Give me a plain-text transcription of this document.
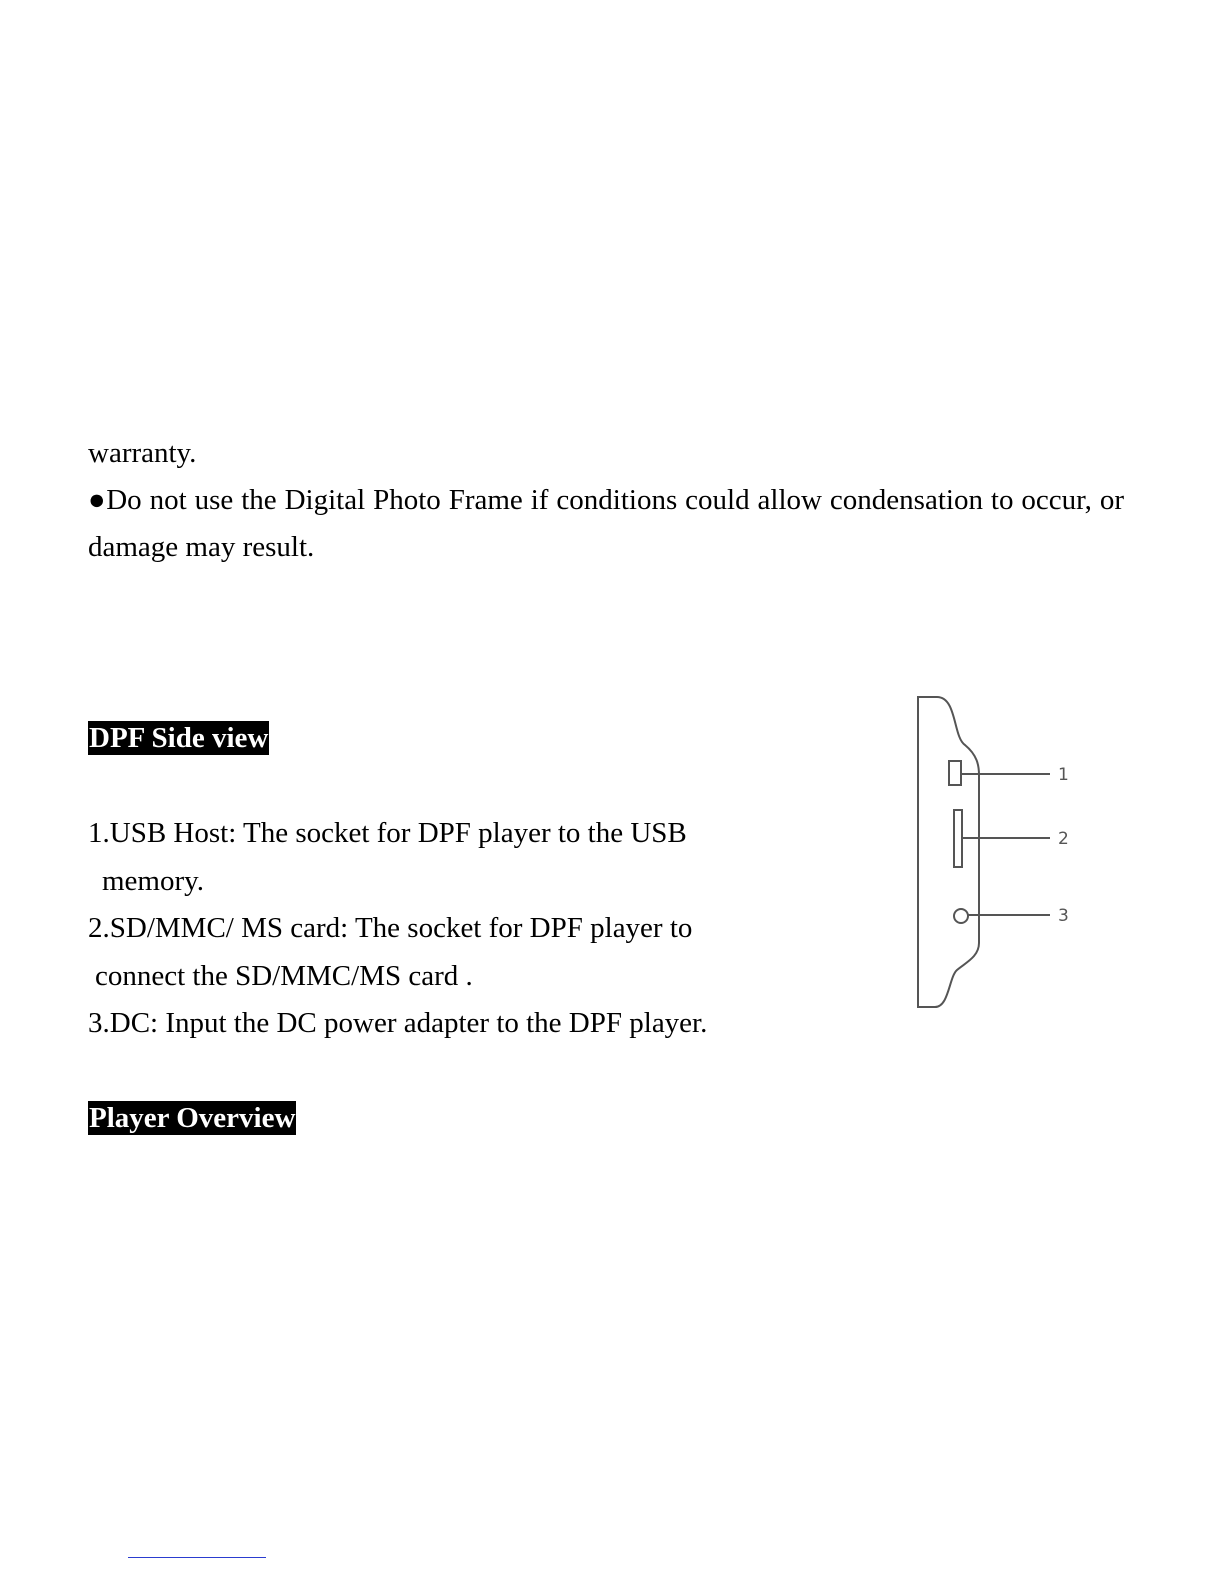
warranty.

●Do not use the Digital Photo Frame if conditions could allow condensation to occur, or damage may result.

DPF Side view
1.USB Host: The socket for DPF player to the USB
memory.
2.SD/MMC/ MS card: The socket for DPF player to
connect the SD/MMC/MS card .
3.DC: Input the DC power adapter to the DPF player.
1
2
3
Player Overview
